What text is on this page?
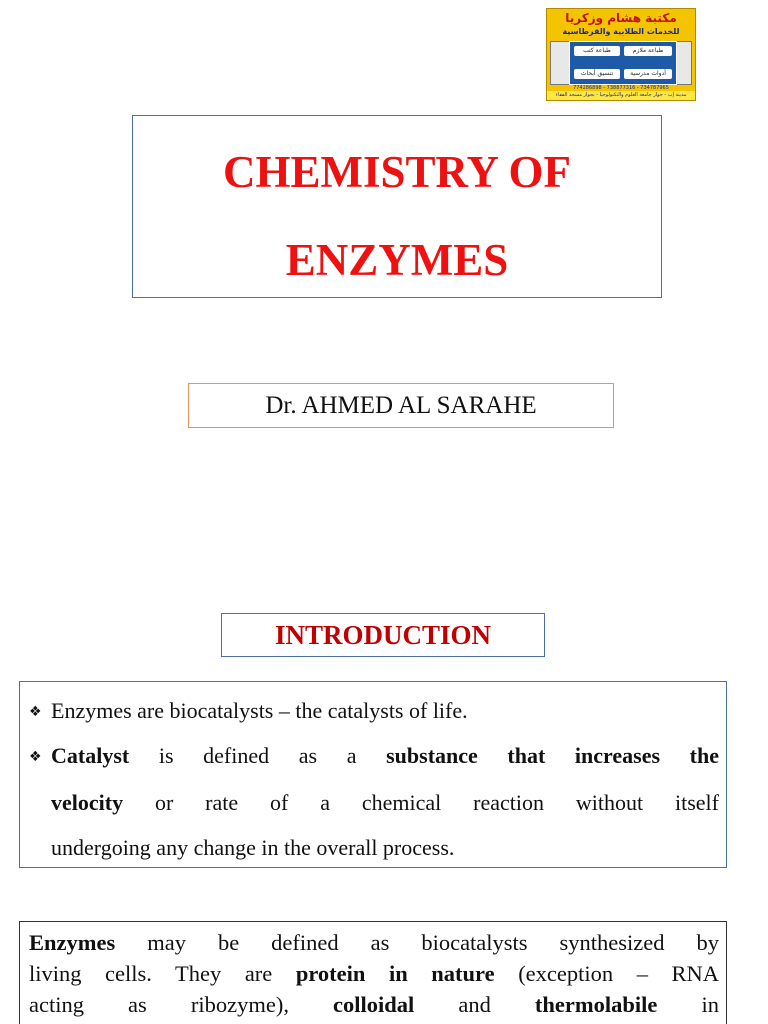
مكتبة هشام وزكريا
للخدمات الطلابية والقرطاسية
طباعة ملازم
طباعة كتب
أدوات مدرسية
تنسيق أبحاث
774286898 - 738877316 - 734787965
مدينة إب - جوار جامعة العلوم والتكنولوجيا - بجوار مسجد الفقاء
CHEMISTRY OF
ENZYMES
Dr. AHMED AL SARAHE
INTRODUCTION
❖ Enzymes are biocatalysts – the catalysts of life.
❖ Catalyst is defined as a substance that increases the
velocity or rate of a chemical reaction without itself
undergoing any change in the overall process.
Enzymes may be defined as biocatalysts synthesized by
living cells. They are protein in nature (exception – RNA
acting as ribozyme), colloidal and thermolabile in
